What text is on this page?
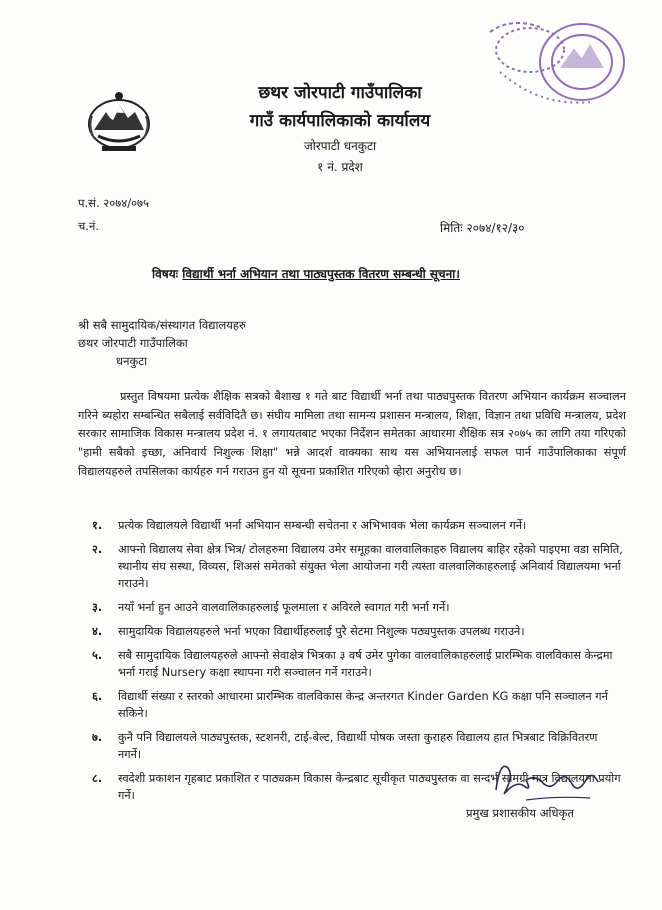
छथर जोरपाटी गाउँपालिका
गाउँ कार्यपालिकाको कार्यालय
जोरपाटी धनकुटा
१ नं. प्रदेश
प.सं. २०७४/०७५
च.नं.	मितिः २०७४/१२/३०
विषयः विद्यार्थी भर्ना अभियान तथा पाठ्यपुस्तक वितरण सम्बन्धी सूचना।
श्री सबै सामुदायिक/संस्थागत विद्यालयहरु
छथर जोरपाटी गाउँपालिका
धनकुटा

प्रस्तुत विषयमा प्रत्येक शैक्षिक सत्रको बैशाख १ गते बाट विद्यार्थी भर्ना तथा पाठ्यपुस्तक वितरण अभियान कार्यक्रम सञ्चालन गरिने ब्यहोरा सम्बन्धित सबैलाई सर्वविदितै छ। संघीय मामिला तथा सामन्य प्रशासन मन्त्रालय, शिक्षा, विज्ञान तथा प्रविधि मन्त्रालय, प्रदेश सरकार सामाजिक विकास मन्त्रालय प्रदेश नं. १ लगायतबाट भएका निर्देशन समेतका आधारमा शैक्षिक सत्र २०७५ का लागि तया गरिएको "हामी सबैको इच्छा, अनिवार्य निशुल्क शिक्षा" भन्ने आदर्श वाक्यका साथ यस अभियानलाई सफल पार्न गाउँपालिकाका संपूर्ण विद्यालयहरुले तपसिलका कार्यहरु गर्न गराउन हुन यो सूचना प्रकाशित गरिएको व्हेारा अनुरोध छ।

१. प्रत्येक विद्यालयले विद्यार्थी भर्ना अभियान सम्बन्धी सचेतना र अभिभावक भेला कार्यक्रम सञ्चालन गर्ने।
२. आफ्नो विद्यालय सेवा क्षेत्र भित्र/ टोलहरुमा विद्यालय उमेर समूहका वालवालिकाहरु विद्यालय बाहिर रहेको पाइएमा वडा समिति, स्थानीय संघ सस्था, विव्यस, शिअसं समेतको संयुक्त भेला आयोजना गरी त्यस्ता वालवालिकाहरुलाई अनिवार्य विद्यालयमा भर्ना गराउने।
३. नयाँ भर्ना हुन आउने वालवालिकाहरुलाई फूलमाला र अविरले स्वागत गरी भर्ना गर्ने।
४. सामुदायिक विद्यालयहरुले भर्ना भएका विद्यार्थीहरुलाई पुरै सेटमा निशुल्क पठ्यपुस्तक उपलब्ध गराउने।
५. सबै सामुदायिक विद्यालयहरुले आफ्नो सेवाक्षेत्र भित्रका ३ वर्ष उमेर पुगेका वालवालिकाहरुलाई प्रारम्भिक वालविकास केन्द्रमा भर्ना गराई Nursery कक्षा स्थापना गरी सञ्चालन गर्ने गराउने।
६. विद्यार्थी संख्या र स्तरको आधारमा प्रारम्भिक वालविकास केन्द्र अन्तरगत Kinder Garden KG कक्षा पनि सञ्चालन गर्न सकिने।
७. कुनै पनि विद्यालयले पाठ्यपुस्तक, स्टशनरी, टाई-बेल्ट, विद्यार्थी पोषक जस्ता कुराहरु विद्यालय हात भित्रबाट विक्रिवितरण नगर्ने।
८. स्वदेशी प्रकाशन गृहबाट प्रकाशित र पाठ्यक्रम विकास केन्द्रबाट सूचीकृत पाठ्यपुस्तक वा सन्दर्भ सामग्री मात्र विद्यालयमा प्रयोग गर्ने।
प्रमुख प्रशासकीय अधिकृत
